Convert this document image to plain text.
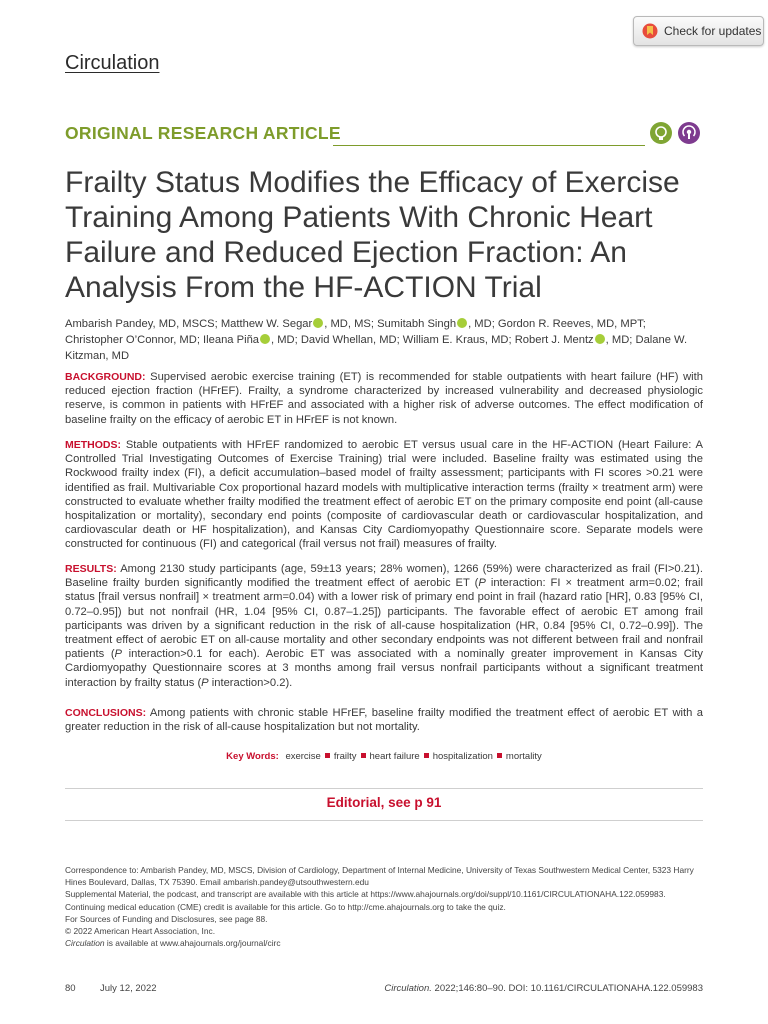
Check for updates
Circulation
ORIGINAL RESEARCH ARTICLE
Frailty Status Modifies the Efficacy of Exercise Training Among Patients With Chronic Heart Failure and Reduced Ejection Fraction: An Analysis From the HF-ACTION Trial
Ambarish Pandey, MD, MSCS; Matthew W. Segar , MD, MS; Sumitabh Singh , MD; Gordon R. Reeves, MD, MPT;
Christopher O’Connor, MD; Ileana Piña , MD; David Whellan, MD; William E. Kraus, MD; Robert J. Mentz , MD; Dalane W. Kitzman, MD
BACKGROUND: Supervised aerobic exercise training (ET) is recommended for stable outpatients with heart failure (HF) with reduced ejection fraction (HFrEF). Frailty, a syndrome characterized by increased vulnerability and decreased physiologic reserve, is common in patients with HFrEF and associated with a higher risk of adverse outcomes. The effect modification of baseline frailty on the efficacy of aerobic ET in HFrEF is not known.
METHODS: Stable outpatients with HFrEF randomized to aerobic ET versus usual care in the HF-ACTION (Heart Failure: A Controlled Trial Investigating Outcomes of Exercise Training) trial were included. Baseline frailty was estimated using the Rockwood frailty index (FI), a deficit accumulation–based model of frailty assessment; participants with FI scores >0.21 were identified as frail. Multivariable Cox proportional hazard models with multiplicative interaction terms (frailty × treatment arm) were constructed to evaluate whether frailty modified the treatment effect of aerobic ET on the primary composite end point (all-cause hospitalization or mortality), secondary end points (composite of cardiovascular death or cardiovascular hospitalization, and cardiovascular death or HF hospitalization), and Kansas City Cardiomyopathy Questionnaire score. Separate models were constructed for continuous (FI) and categorical (frail versus not frail) measures of frailty.
RESULTS: Among 2130 study participants (age, 59±13 years; 28% women), 1266 (59%) were characterized as frail (FI>0.21). Baseline frailty burden significantly modified the treatment effect of aerobic ET (P interaction: FI × treatment arm=0.02; frail status [frail versus nonfrail] × treatment arm=0.04) with a lower risk of primary end point in frail (hazard ratio [HR], 0.83 [95% CI, 0.72–0.95]) but not nonfrail (HR, 1.04 [95% CI, 0.87–1.25]) participants. The favorable effect of aerobic ET among frail participants was driven by a significant reduction in the risk of all-cause hospitalization (HR, 0.84 [95% CI, 0.72–0.99]). The treatment effect of aerobic ET on all-cause mortality and other secondary endpoints was not different between frail and nonfrail patients (P interaction>0.1 for each). Aerobic ET was associated with a nominally greater improvement in Kansas City Cardiomyopathy Questionnaire scores at 3 months among frail versus nonfrail participants without a significant treatment interaction by frailty status (P interaction>0.2).
CONCLUSIONS: Among patients with chronic stable HFrEF, baseline frailty modified the treatment effect of aerobic ET with a greater reduction in the risk of all-cause hospitalization but not mortality.
Key Words: exercise frailty heart failure hospitalization mortality
Editorial, see p 91
Correspondence to: Ambarish Pandey, MD, MSCS, Division of Cardiology, Department of Internal Medicine, University of Texas Southwestern Medical Center, 5323 Harry Hines Boulevard, Dallas, TX 75390. Email ambarish.pandey@utsouthwestern.edu
Supplemental Material, the podcast, and transcript are available with this article at https://www.ahajournals.org/doi/suppl/10.1161/CIRCULATIONAHA.122.059983.
Continuing medical education (CME) credit is available for this article. Go to http://cme.ahajournals.org to take the quiz.
For Sources of Funding and Disclosures, see page 88.
© 2022 American Heart Association, Inc.
Circulation is available at www.ahajournals.org/journal/circ
80	July 12, 2022	Circulation. 2022;146:80–90. DOI: 10.1161/CIRCULATIONAHA.122.059983
